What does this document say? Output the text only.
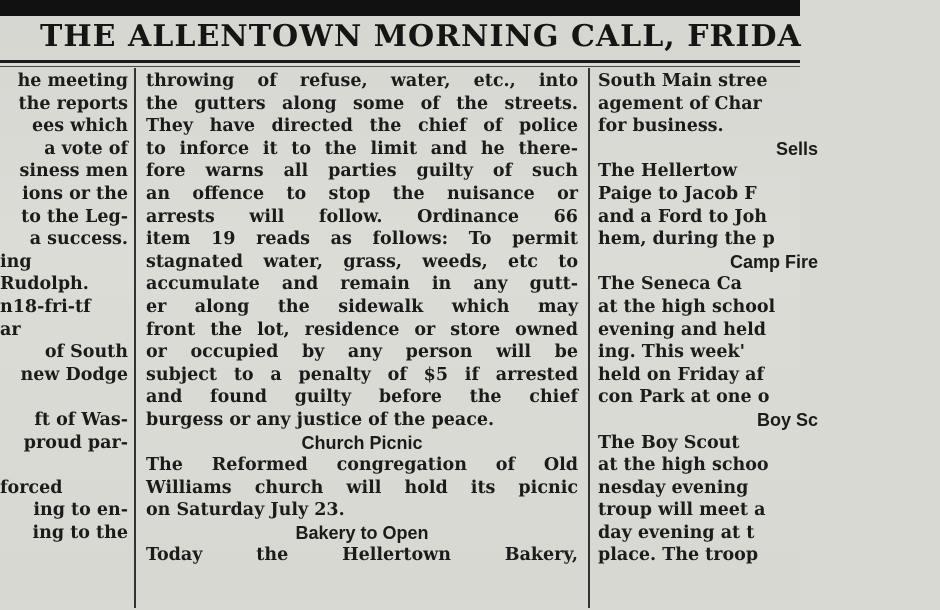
THE ALLENTOWN MORNING CALL, FRIDA
he meeting
the reports
ees which
a vote of
siness men
ions or the
to the Leg-
a success.
ing
Rudolph.
n18-fri-tf
ar
of South
new Dodge
ft of Was-
proud par-
forced
ing to en-
ing to the
throwing of refuse, water, etc., into
the gutters along some of the streets.
They have directed the chief of police
to inforce it to the limit and he there-
fore warns all parties guilty of such
an offence to stop the nuisance or
arrests will follow. Ordinance 66
item 19 reads as follows: To permit
stagnated water, grass, weeds, etc to
accumulate and remain in any gutt-
er along the sidewalk which may
front the lot, residence or store owned
or occupied by any person will be
subject to a penalty of $5 if arrested
and found guilty before the chief
burgess or any justice of the peace.
Church Picnic
The Reformed congregation of Old
Williams church will hold its picnic
on Saturday July 23.
Bakery to Open
Today the Hellertown Bakery,
South Main stree
agement of Char
for business.
Sells
The Hellertow
Paige to Jacob F
and a Ford to Joh
hem, during the p
Camp Fire
The Seneca Ca
at the high school
evening and held
ing. This week'
held on Friday af
con Park at one o
Boy Sc
The Boy Scout
at the high schoo
nesday evening
troup will meet a
day evening at t
place. The troop
